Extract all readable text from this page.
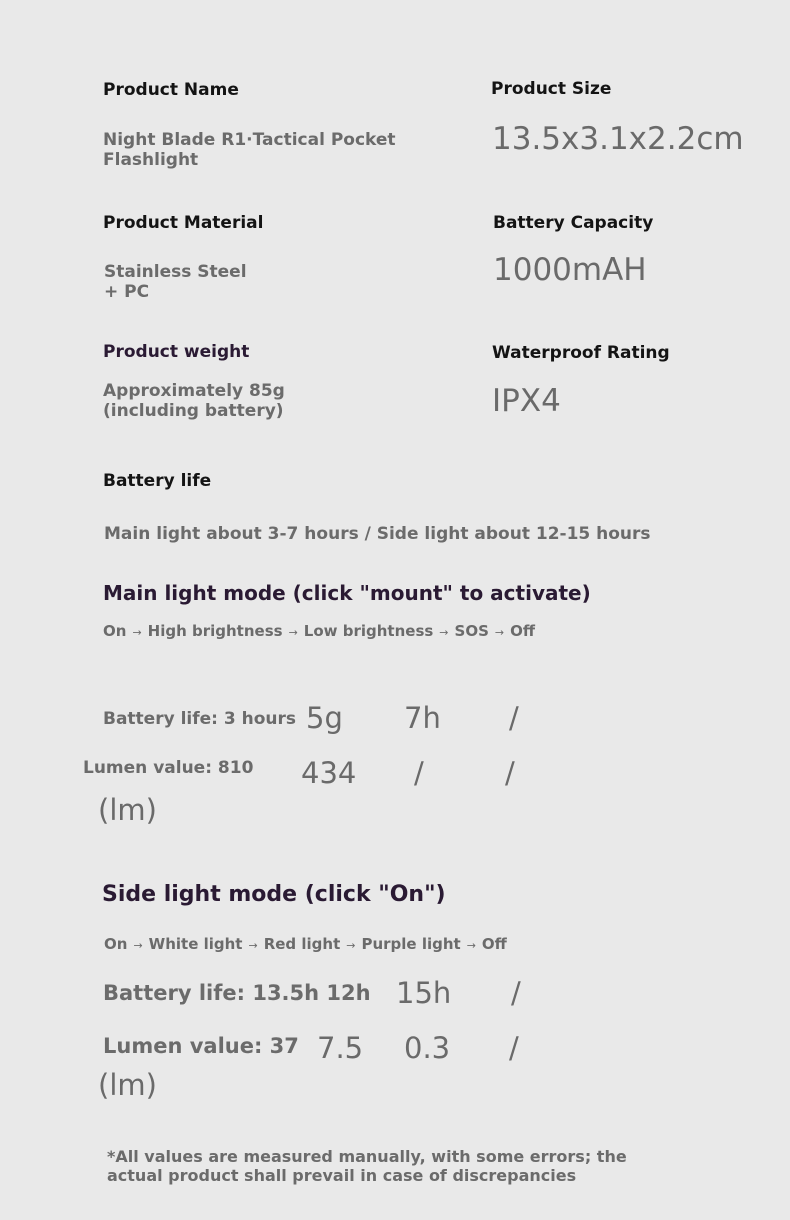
Product Name
Night Blade R1·Tactical Pocket Flashlight
Product Size
13.5x3.1x2.2cm
Product Material
Stainless Steel + PC
Battery Capacity
1000mAH
Product weight
Approximately 85g (including battery)
Waterproof Rating
IPX4
Battery life
Main light about 3-7 hours / Side light about 12-15 hours
Main light mode (click "mount" to activate)
On → High brightness → Low brightness → SOS → Off
Battery life: 3 hours 5g 7h /
Lumen value: 810 434 /	/
(lm)
Side light mode (click "On")
On → White light → Red light → Purple light → Off
Battery life: 13.5h 12h 15h /
Lumen value: 37 7.5 0.3 /
(lm)
*All values are measured manually, with some errors; the actual product shall prevail in case of discrepancies
